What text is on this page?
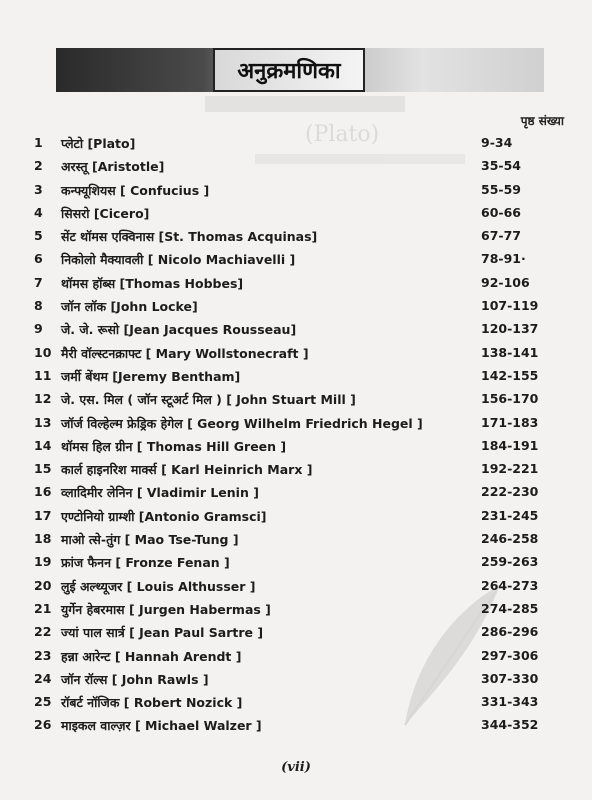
(Plato)
अनुक्रमणिका
पृष्ठ संख्या
1	प्लेटो [Plato]	9-34
2	अरस्तू [Aristotle]	35-54
3	कन्फ्यूशियस [ Confucius ]	55-59
4	सिसरो [Cicero]	60-66
5	सेंट थॉमस एक्विनास [St. Thomas Acquinas]	67-77
6	निकोलो मैक्यावली [ Nicolo Machiavelli ]	78-91·
7	थॉमस हॉब्स [Thomas Hobbes]	92-106
8	जॉन लॉक [John Locke]	107-119
9	जे. जे. रूसो [Jean Jacques Rousseau]	120-137
10 मैरी वॉल्स्टनक्राफ्ट [ Mary Wollstonecraft ]	138-141
11 जर्मी बेंथम [Jeremy Bentham]	142-155
12 जे. एस. मिल ( जॉन स्टूअर्ट मिल ) [ John Stuart Mill ]	156-170
13 जॉर्ज विल्हेल्म फ्रेड्रिक हेगेल [ Georg Wilhelm Friedrich Hegel ]	171-183
14 थॉमस हिल ग्रीन [ Thomas Hill Green ]	184-191
15 कार्ल हाइनरिश मार्क्स [ Karl Heinrich Marx ]	192-221
16 व्लादिमीर लेनिन [ Vladimir Lenin ]	222-230
17 एण्टोनियो ग्राम्शी [Antonio Gramsci]	231-245
18 माओ त्से-तुंग [ Mao Tse-Tung ]	246-258
19 फ्रांज फैनन [ Fronze Fenan ]	259-263
20 लुई अल्थ्यूजर [ Louis Althusser ]	264-273
21 युर्गेन हेबरमास [ Jurgen Habermas ]	274-285
22 ज्यां पाल सार्त्र [ Jean Paul Sartre ]	286-296
23 हन्ना आरेन्ट [ Hannah Arendt ]	297-306
24 जॉन रॉल्स [ John Rawls ]	307-330
25 रॉबर्ट नॉजिक [ Robert Nozick ]	331-343
26 माइकल वाल्ज़र [ Michael Walzer ]	344-352
(vii)
